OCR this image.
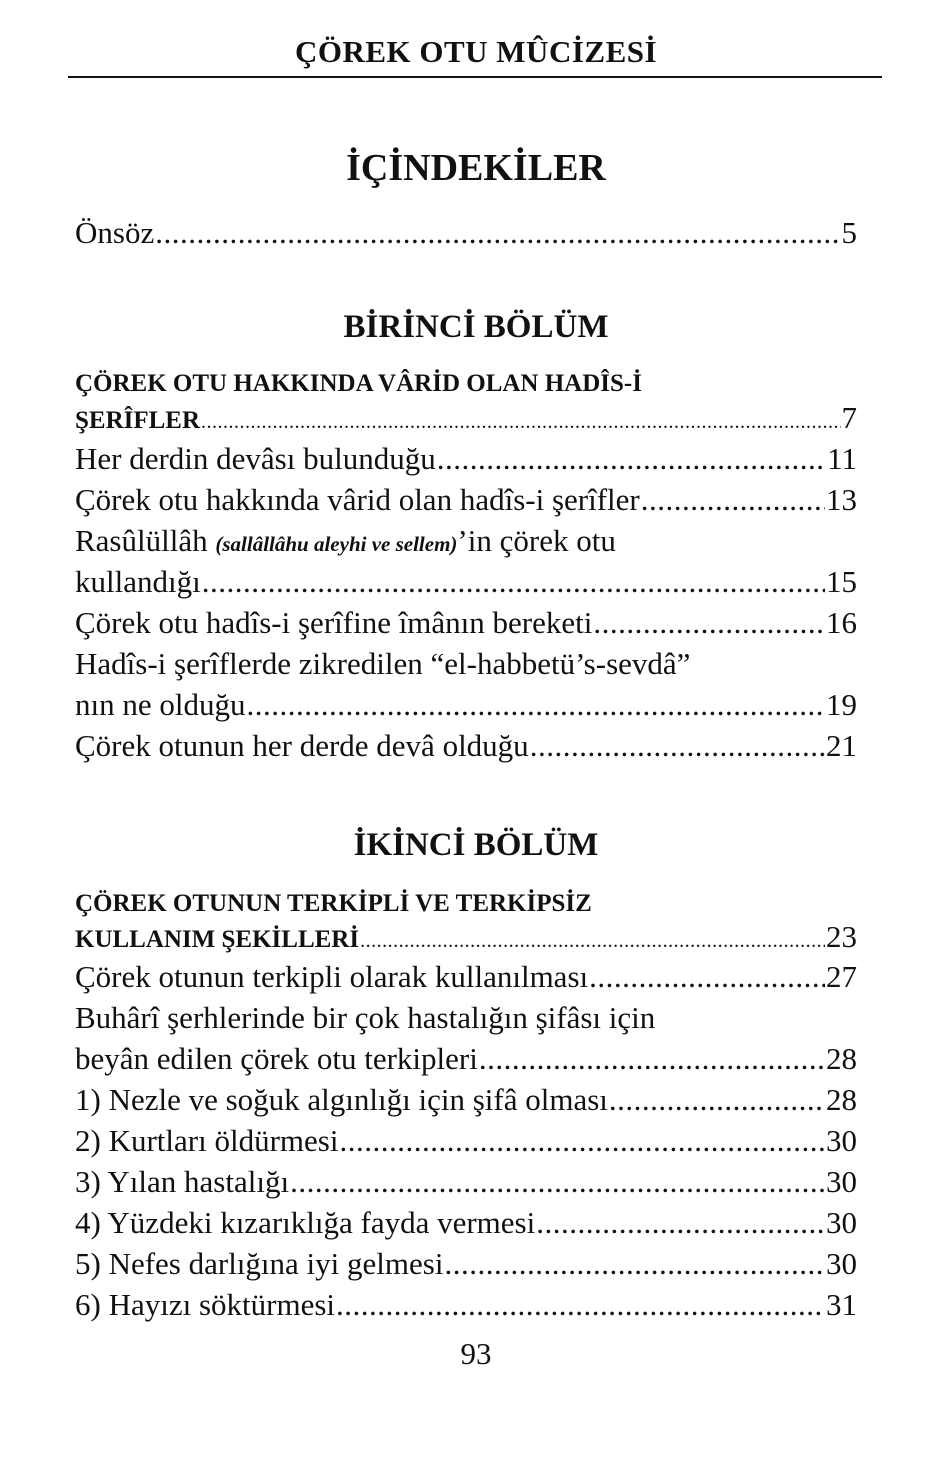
ÇÖREK OTU MÛCİZESİ
İÇİNDEKİLER
Önsöz .....	5
BİRİNCİ BÖLÜM
ÇÖREK OTU HAKKINDA VÂRİD OLAN HADÎS-İ
ŞERÎFLER .....	7
Her derdin devâsı bulunduğu .....	11
Çörek otu hakkında vârid olan hadîs-i şerîfler .....	13
Rasûlüllâh (sallâllâhu aleyhi ve sellem)’in çörek otu
kullandığı .....	15
Çörek otu hadîs-i şerîfine îmânın bereketi .....	16
Hadîs-i şerîflerde zikredilen “el-habbetü’s-sevdâ”
nın ne olduğu .....	19
Çörek otunun her derde devâ olduğu .....	21
İKİNCİ BÖLÜM
ÇÖREK OTUNUN TERKİPLİ VE TERKİPSİZ
KULLANIM ŞEKİLLERİ .....	23
Çörek otunun terkipli olarak kullanılması .....	27
Buhârî şerhlerinde bir çok hastalığın şifâsı için
beyân edilen çörek otu terkipleri .....	28
1) Nezle ve soğuk algınlığı için şifâ olması .....	28
2) Kurtları öldürmesi .....	30
3) Yılan hastalığı .....	30
4) Yüzdeki kızarıklığa fayda vermesi .....	30
5) Nefes darlığına iyi gelmesi .....	30
6) Hayızı söktürmesi .....	31
93
